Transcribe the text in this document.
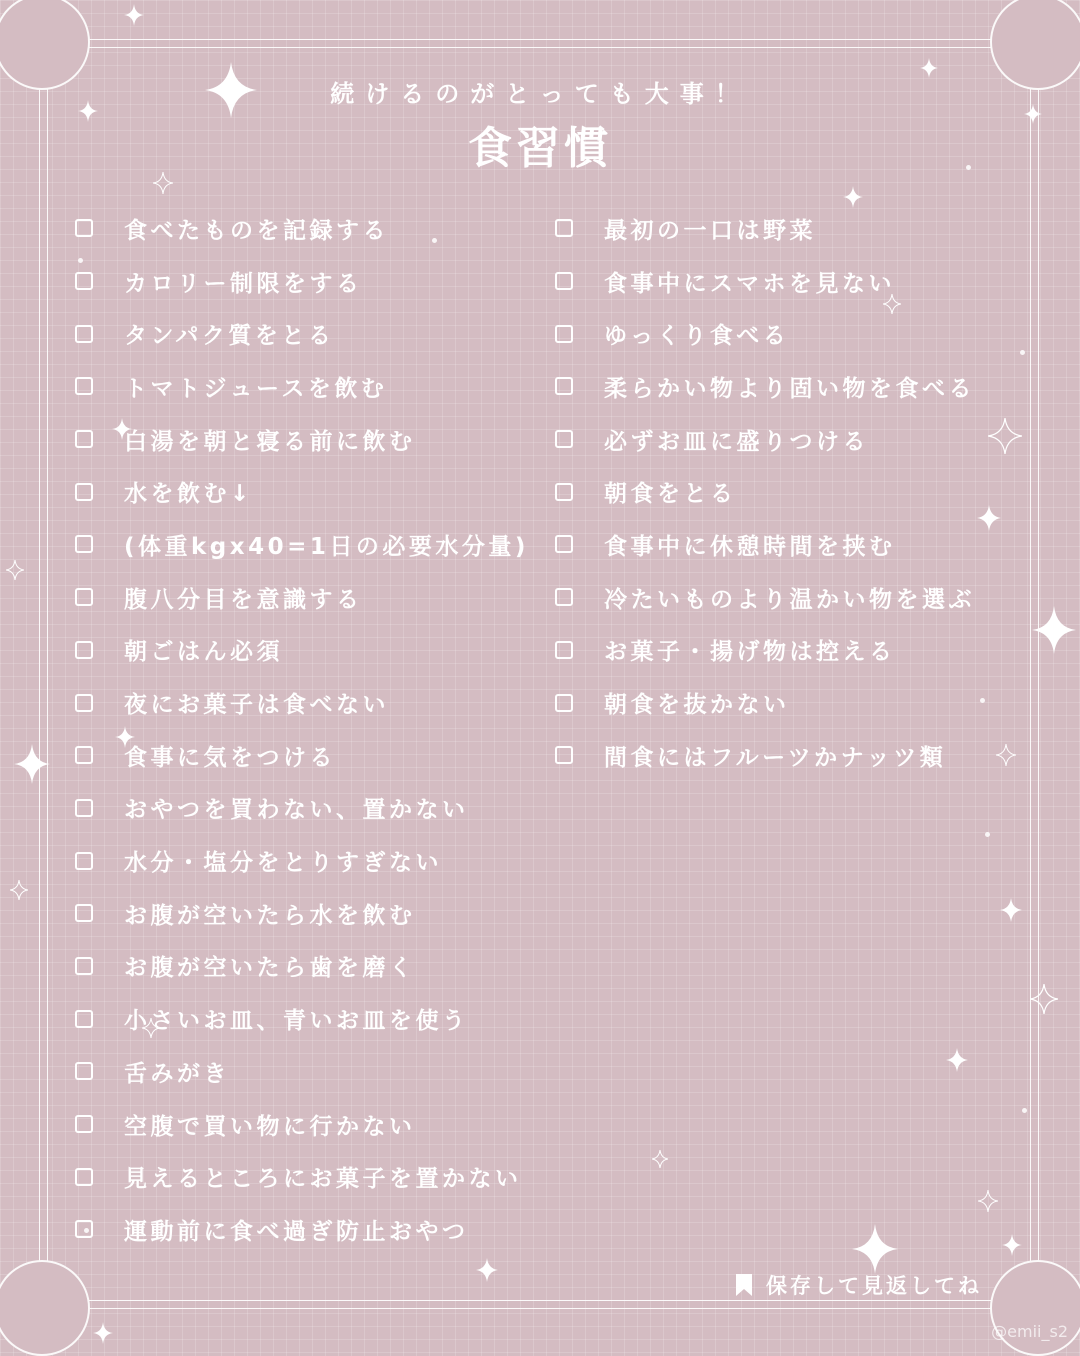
続けるのがとっても大事！
食習慣
食べたものを記録する
カロリー制限をする
タンパク質をとる
トマトジュースを飲む
白湯を朝と寝る前に飲む
水を飲む↓
(体重kgx40=1日の必要水分量)
腹八分目を意識する
朝ごはん必須
夜にお菓子は食べない
食事に気をつける
おやつを買わない、置かない
水分・塩分をとりすぎない
お腹が空いたら水を飲む
お腹が空いたら歯を磨く
小さいお皿、青いお皿を使う
舌みがき
空腹で買い物に行かない
見えるところにお菓子を置かない
運動前に食べ過ぎ防止おやつ
最初の一口は野菜
食事中にスマホを見ない
ゆっくり食べる
柔らかい物より固い物を食べる
必ずお皿に盛りつける
朝食をとる
食事中に休憩時間を挟む
冷たいものより温かい物を選ぶ
お菓子・揚げ物は控える
朝食を抜かない
間食にはフルーツかナッツ類
保存して見返してね
@emii_s2
